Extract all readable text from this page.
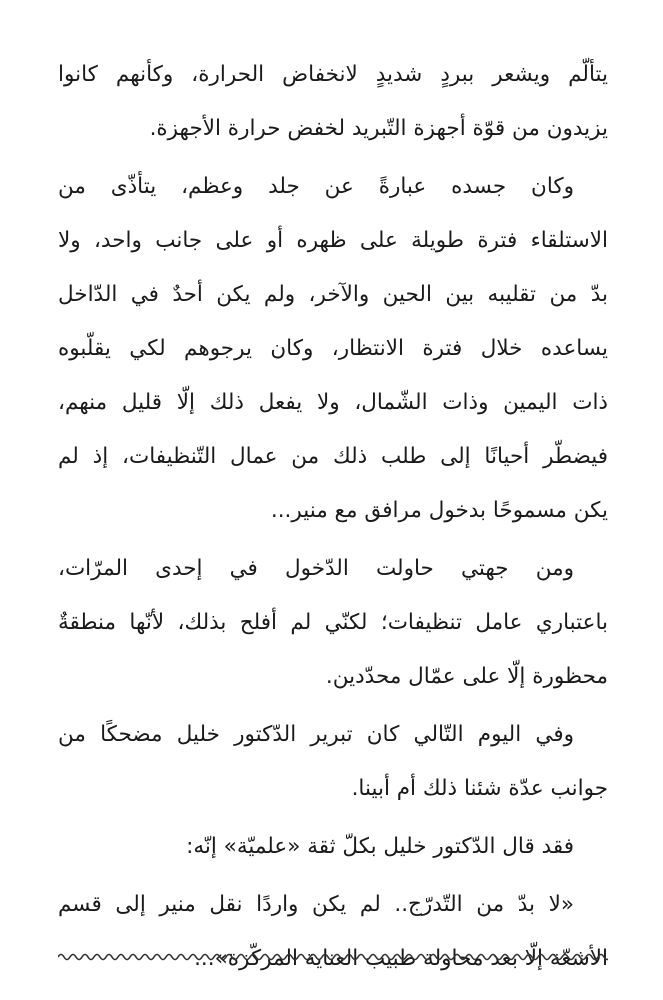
يتألّم ويشعر ببردٍ شديدٍ لانخفاض الحرارة، وكأنهم كانوا
يزيدون من قوّة أجهزة التّبريد لخفض حرارة الأجهزة.

وكان جسده عبارةً عن جلد وعظم، يتأذّى من
الاستلقاء فترة طويلة على ظهره أو على جانب واحد، ولا
بدّ من تقليبه بين الحين والآخر، ولم يكن أحدٌ في الدّاخل
يساعده خلال فترة الانتظار، وكان يرجوهم لكي يقلّبوه
ذات اليمين وذات الشّمال، ولا يفعل ذلك إلّا قليل منهم،
فيضطّر أحيانًا إلى طلب ذلك من عمال التّنظيفات، إذ لم
يكن مسموحًا بدخول مرافق مع منير...

ومن جهتي حاولت الدّخول في إحدى المرّات،
باعتباري عامل تنظيفات؛ لكنّي لم أفلح بذلك، لأنّها منطقةٌ
محظورة إلّا على عمّال محدّدين.

وفي اليوم التّالي كان تبرير الدّكتور خليل مضحكًا من
جوانب عدّة شئنا ذلك أم أبينا.

فقد قال الدّكتور خليل بكلّ ثقة «علميّة» إنّه:

«لا بدّ من التّدرّج.. لم يكن واردًا نقل منير إلى قسم
الأشعّة إلّا بعد محاولة طبيب العناية المركّزة»...
